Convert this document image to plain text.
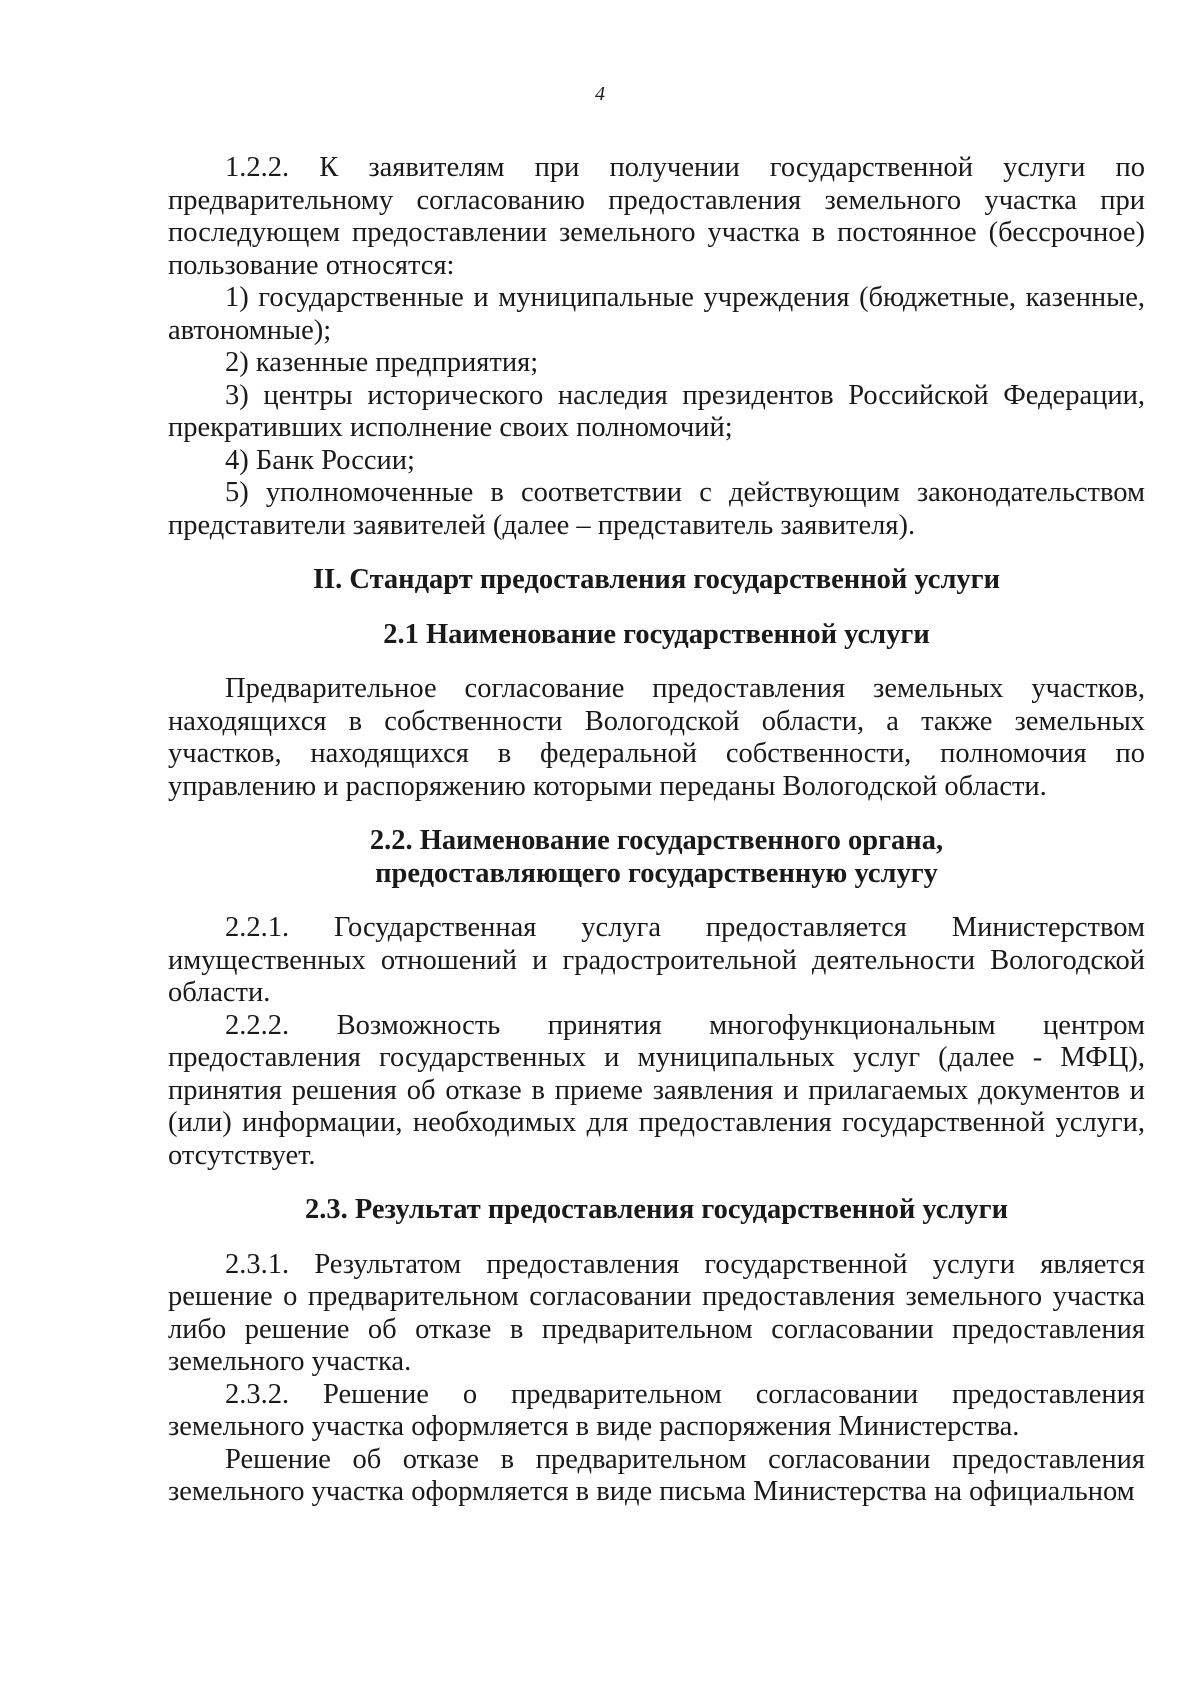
4

1.2.2. К заявителям при получении государственной услуги по предварительному согласованию предоставления земельного участка при последующем предоставлении земельного участка в постоянное (бессрочное) пользование относятся:

1) государственные и муниципальные учреждения (бюджетные, казенные, автономные);

2) казенные предприятия;

3) центры исторического наследия президентов Российской Федерации, прекративших исполнение своих полномочий;

4) Банк России;

5) уполномоченные в соответствии с действующим законодательством представители заявителей (далее – представитель заявителя).

II. Стандарт предоставления государственной услуги

2.1 Наименование государственной услуги

Предварительное согласование предоставления земельных участков, находящихся в собственности Вологодской области, а также земельных участков, находящихся в федеральной собственности, полномочия по управлению и распоряжению которыми переданы Вологодской области.

2.2. Наименование государственного органа,
предоставляющего государственную услугу

2.2.1. Государственная услуга предоставляется Министерством имущественных отношений и градостроительной деятельности Вологодской области.

2.2.2. Возможность принятия многофункциональным центром предоставления государственных и муниципальных услуг (далее - МФЦ), принятия решения об отказе в приеме заявления и прилагаемых документов и (или) информации, необходимых для предоставления государственной услуги, отсутствует.

2.3. Результат предоставления государственной услуги

2.3.1. Результатом предоставления государственной услуги является решение о предварительном согласовании предоставления земельного участка либо решение об отказе в предварительном согласовании предоставления земельного участка.

2.3.2. Решение о предварительном согласовании предоставления земельного участка оформляется в виде распоряжения Министерства.

Решение об отказе в предварительном согласовании предоставления земельного участка оформляется в виде письма Министерства на официальном
